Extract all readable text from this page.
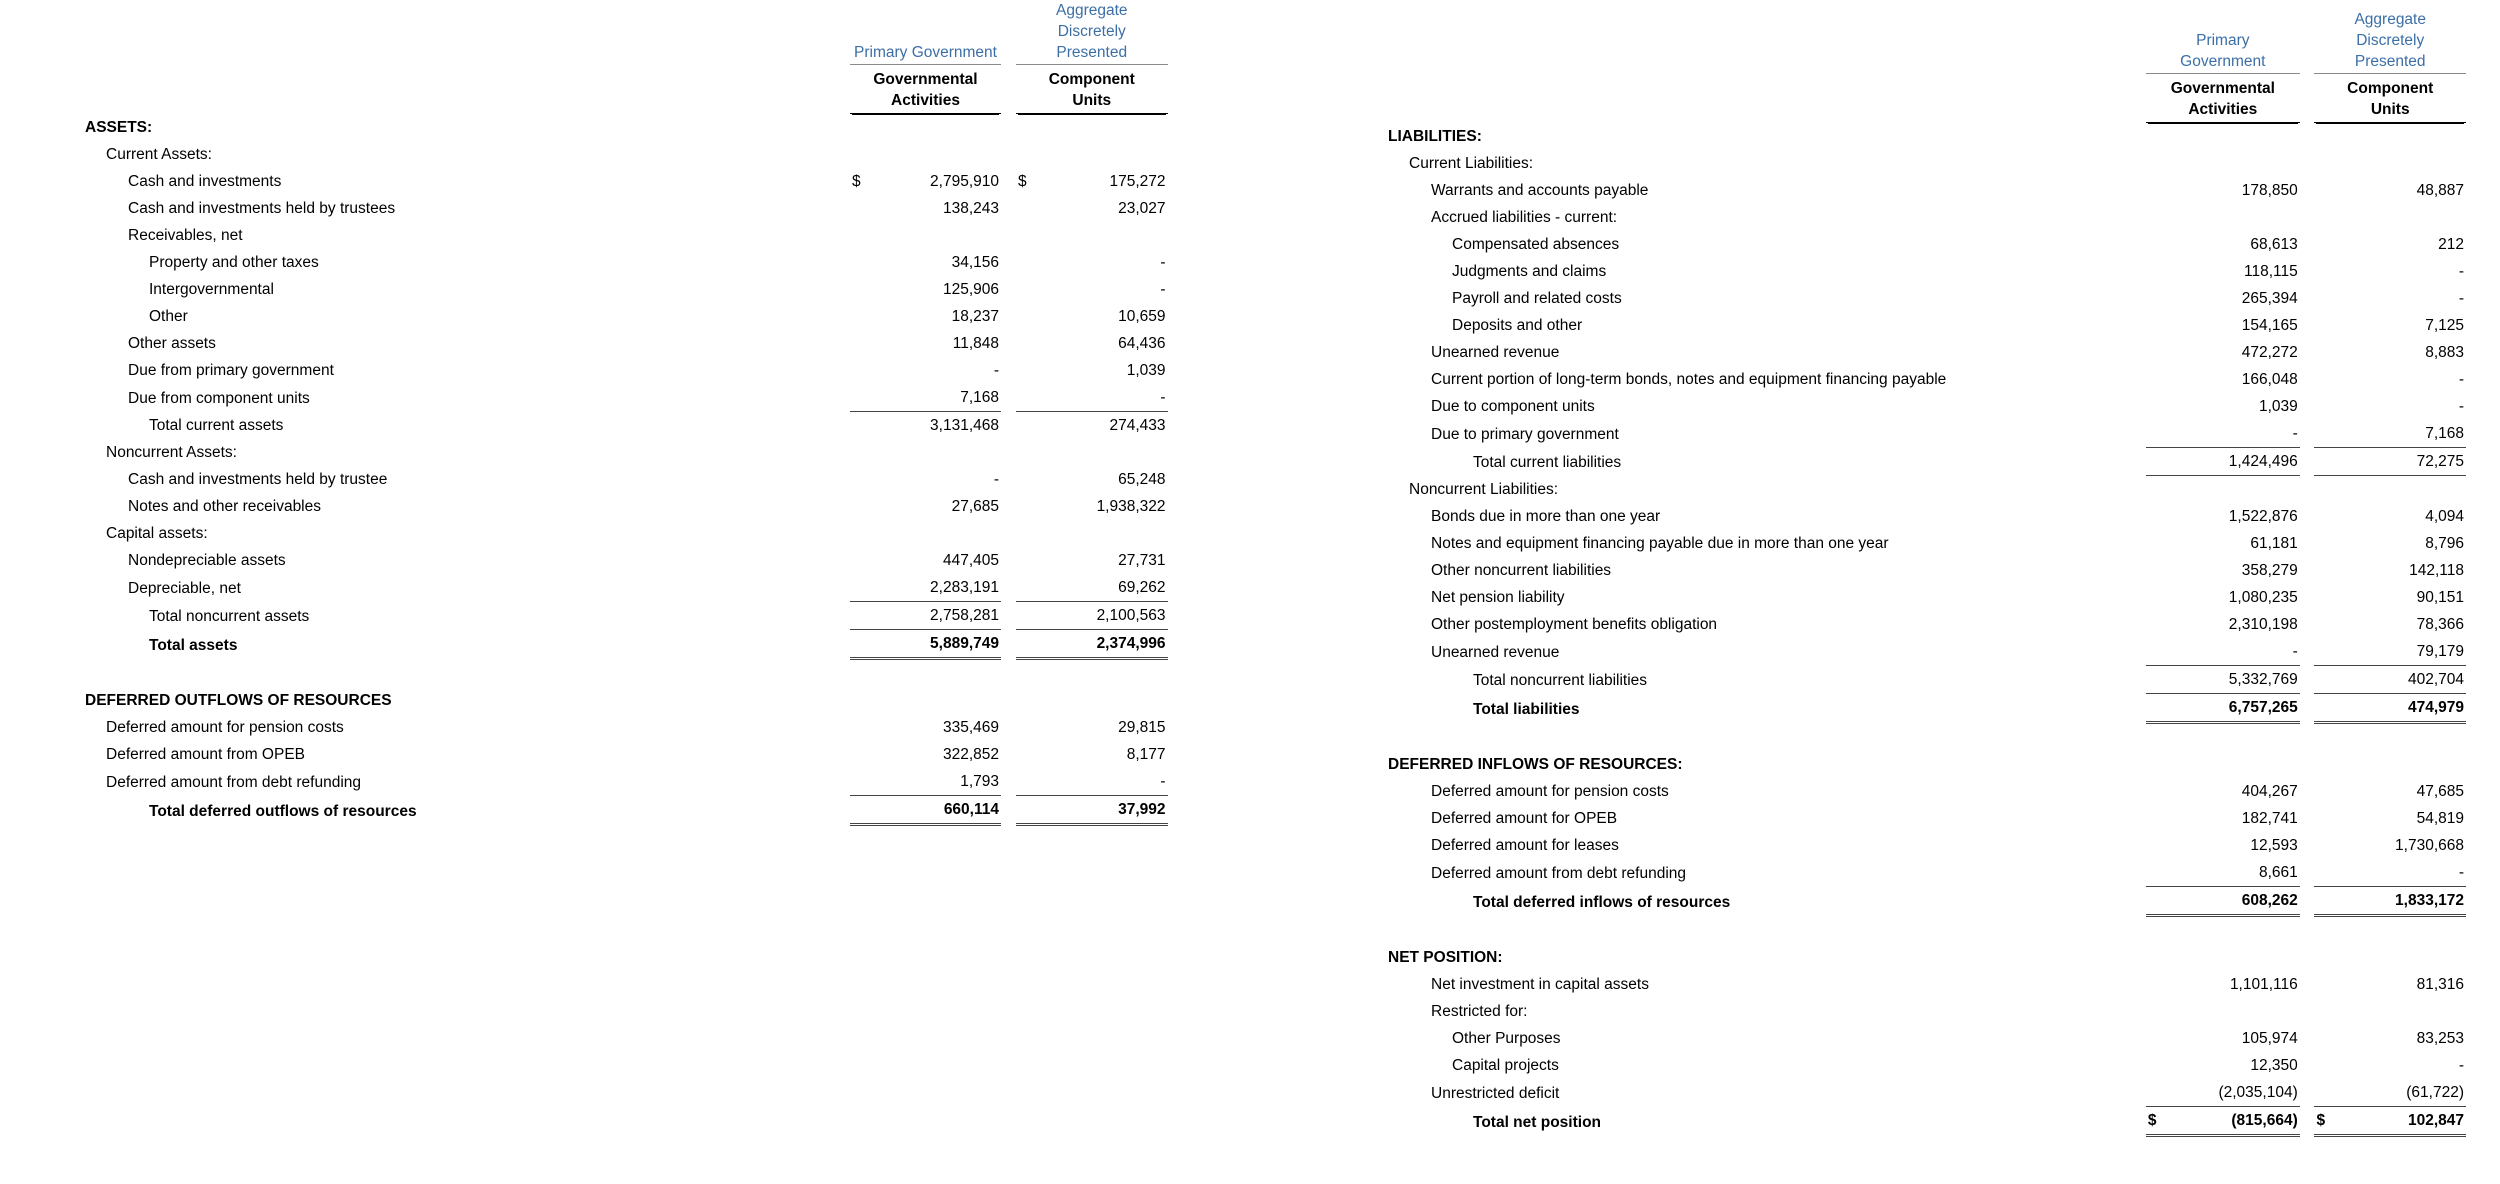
	Primary Government			Aggregate Discretely Presented	
	Governmental Activities			Component Units	
ASSETS:					
Current Assets:					
Cash and investments	$	2,795,910		$	175,272
Cash and investments held by trustees		138,243			23,027
Receivables, net					
Property and other taxes		34,156			-
Intergovernmental		125,906			-
Other		18,237			10,659
Other assets		11,848			64,436
Due from primary government		-			1,039
Due from component units		7,168			-
Total current assets		3,131,468			274,433
Noncurrent Assets:					
Cash and investments held by trustee		-			65,248
Notes and other receivables		27,685			1,938,322
Capital assets:					
Nondepreciable assets		447,405			27,731
Depreciable, net		2,283,191			69,262
Total noncurrent assets		2,758,281			2,100,563
Total assets		5,889,749			2,374,996

DEFERRED OUTFLOWS OF RESOURCES					
Deferred amount for pension costs		335,469			29,815
Deferred amount from OPEB		322,852			8,177
Deferred amount from debt refunding		1,793			-
Total deferred outflows of resources		660,114			37,992
	Primary Government			Aggregate Discretely Presented	
	Governmental Activities			Component Units	
LIABILITIES:					
Current Liabilities:					
Warrants and accounts payable		178,850			48,887
Accrued liabilities - current:					
Compensated absences		68,613			212
Judgments and claims		118,115			-
Payroll and related costs		265,394			-
Deposits and other		154,165			7,125
Unearned revenue		472,272			8,883
Current portion of long-term bonds, notes and equipment financing payable		166,048			-
Due to component units		1,039			-
Due to primary government		-			7,168
Total current liabilities		1,424,496			72,275
Noncurrent Liabilities:					
Bonds due in more than one year		1,522,876			4,094
Notes and equipment financing payable due in more than one year		61,181			8,796
Other noncurrent liabilities		358,279			142,118
Net pension liability		1,080,235			90,151
Other postemployment benefits obligation		2,310,198			78,366
Unearned revenue		-			79,179
Total noncurrent liabilities		5,332,769			402,704
Total liabilities		6,757,265			474,979

DEFERRED INFLOWS OF RESOURCES:					
Deferred amount for pension costs		404,267			47,685
Deferred amount for OPEB		182,741			54,819
Deferred amount for leases		12,593			1,730,668
Deferred amount from debt refunding		8,661			-
Total deferred inflows of resources		608,262			1,833,172

NET POSITION:					
Net investment in capital assets		1,101,116			81,316
Restricted for:					
Other Purposes		105,974			83,253
Capital projects		12,350			-
Unrestricted deficit		(2,035,104)			(61,722)
Total net position	$	(815,664)		$	102,847
